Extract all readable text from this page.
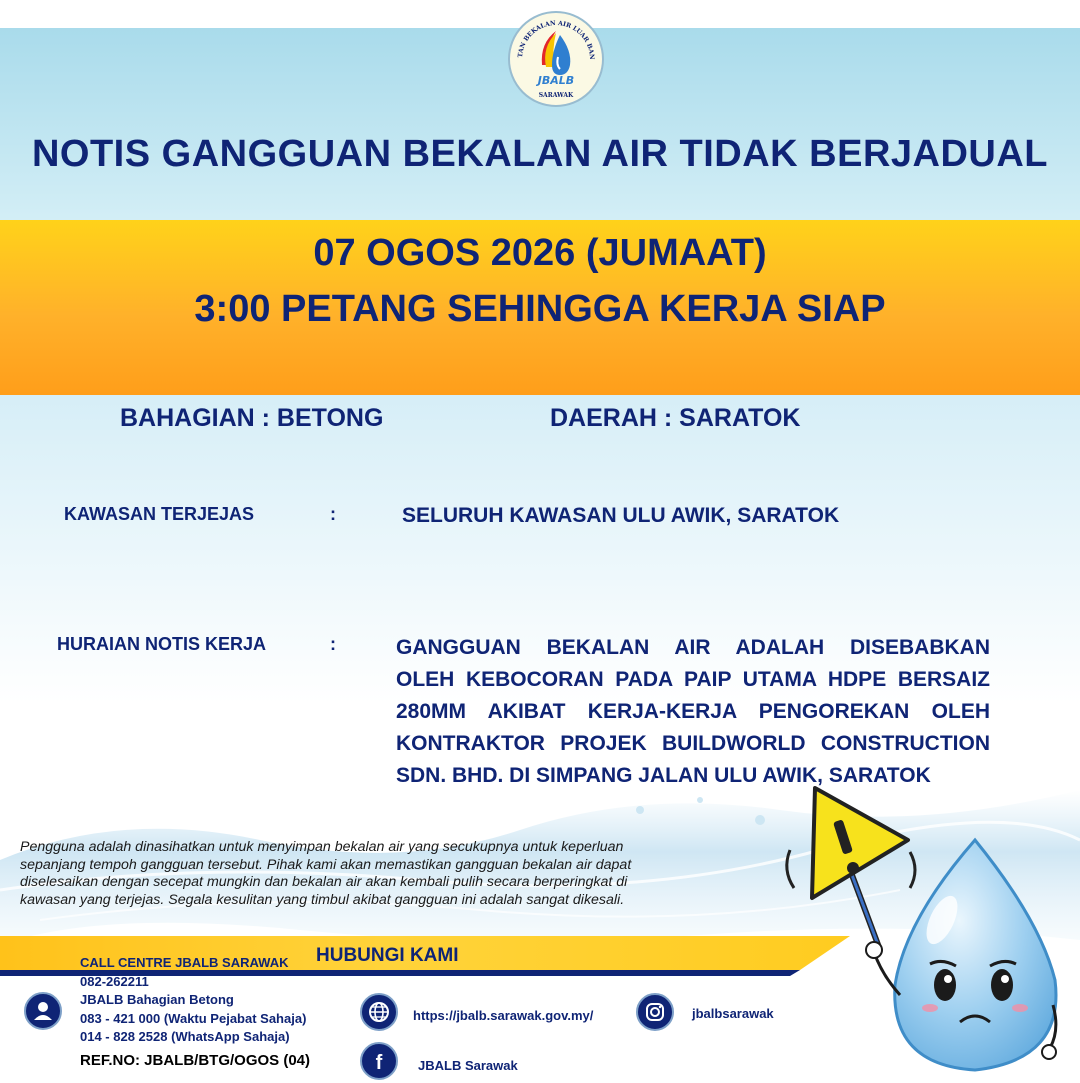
TAN BEKALAN AIR LUAR BAN
JBALB
SARAWAK
NOTIS GANGGUAN BEKALAN AIR TIDAK BERJADUAL
07 OGOS 2026 (JUMAAT)
3:00 PETANG SEHINGGA KERJA SIAP
BAHAGIAN : BETONG	DAERAH : SARATOK
KAWASAN TERJEJAS	:	SELURUH KAWASAN ULU AWIK, SARATOK
HURAIAN NOTIS KERJA	:	GANGGUAN BEKALAN AIR ADALAH DISEBABKAN

OLEH KEBOCORAN PADA PAIP UTAMA HDPE BERSAIZ

280MM AKIBAT KERJA-KERJA PENGOREKAN OLEH

KONTRAKTOR PROJEK BUILDWORLD CONSTRUCTION

SDN. BHD. DI SIMPANG JALAN ULU AWIK, SARATOK

Pengguna adalah dinasihatkan untuk menyimpan bekalan air yang secukupnya untuk keperluan
sepanjang tempoh gangguan tersebut. Pihak kami akan memastikan gangguan bekalan air dapat
diselesaikan dengan secepat mungkin dan bekalan air akan kembali pulih secara berperingkat di
kawasan yang terjejas. Segala kesulitan yang timbul akibat gangguan ini adalah sangat dikesali.
HUBUNGI KAMI
CALL CENTRE JBALB SARAWAK
082-262211
JBALB Bahagian Betong
083 - 421 000 (Waktu Pejabat Sahaja)
014 - 828 2528 (WhatsApp Sahaja)
REF.NO: JBALB/BTG/OGOS (04)
https://jbalb.sarawak.gov.my/	jbalbsarawak
f	JBALB Sarawak
